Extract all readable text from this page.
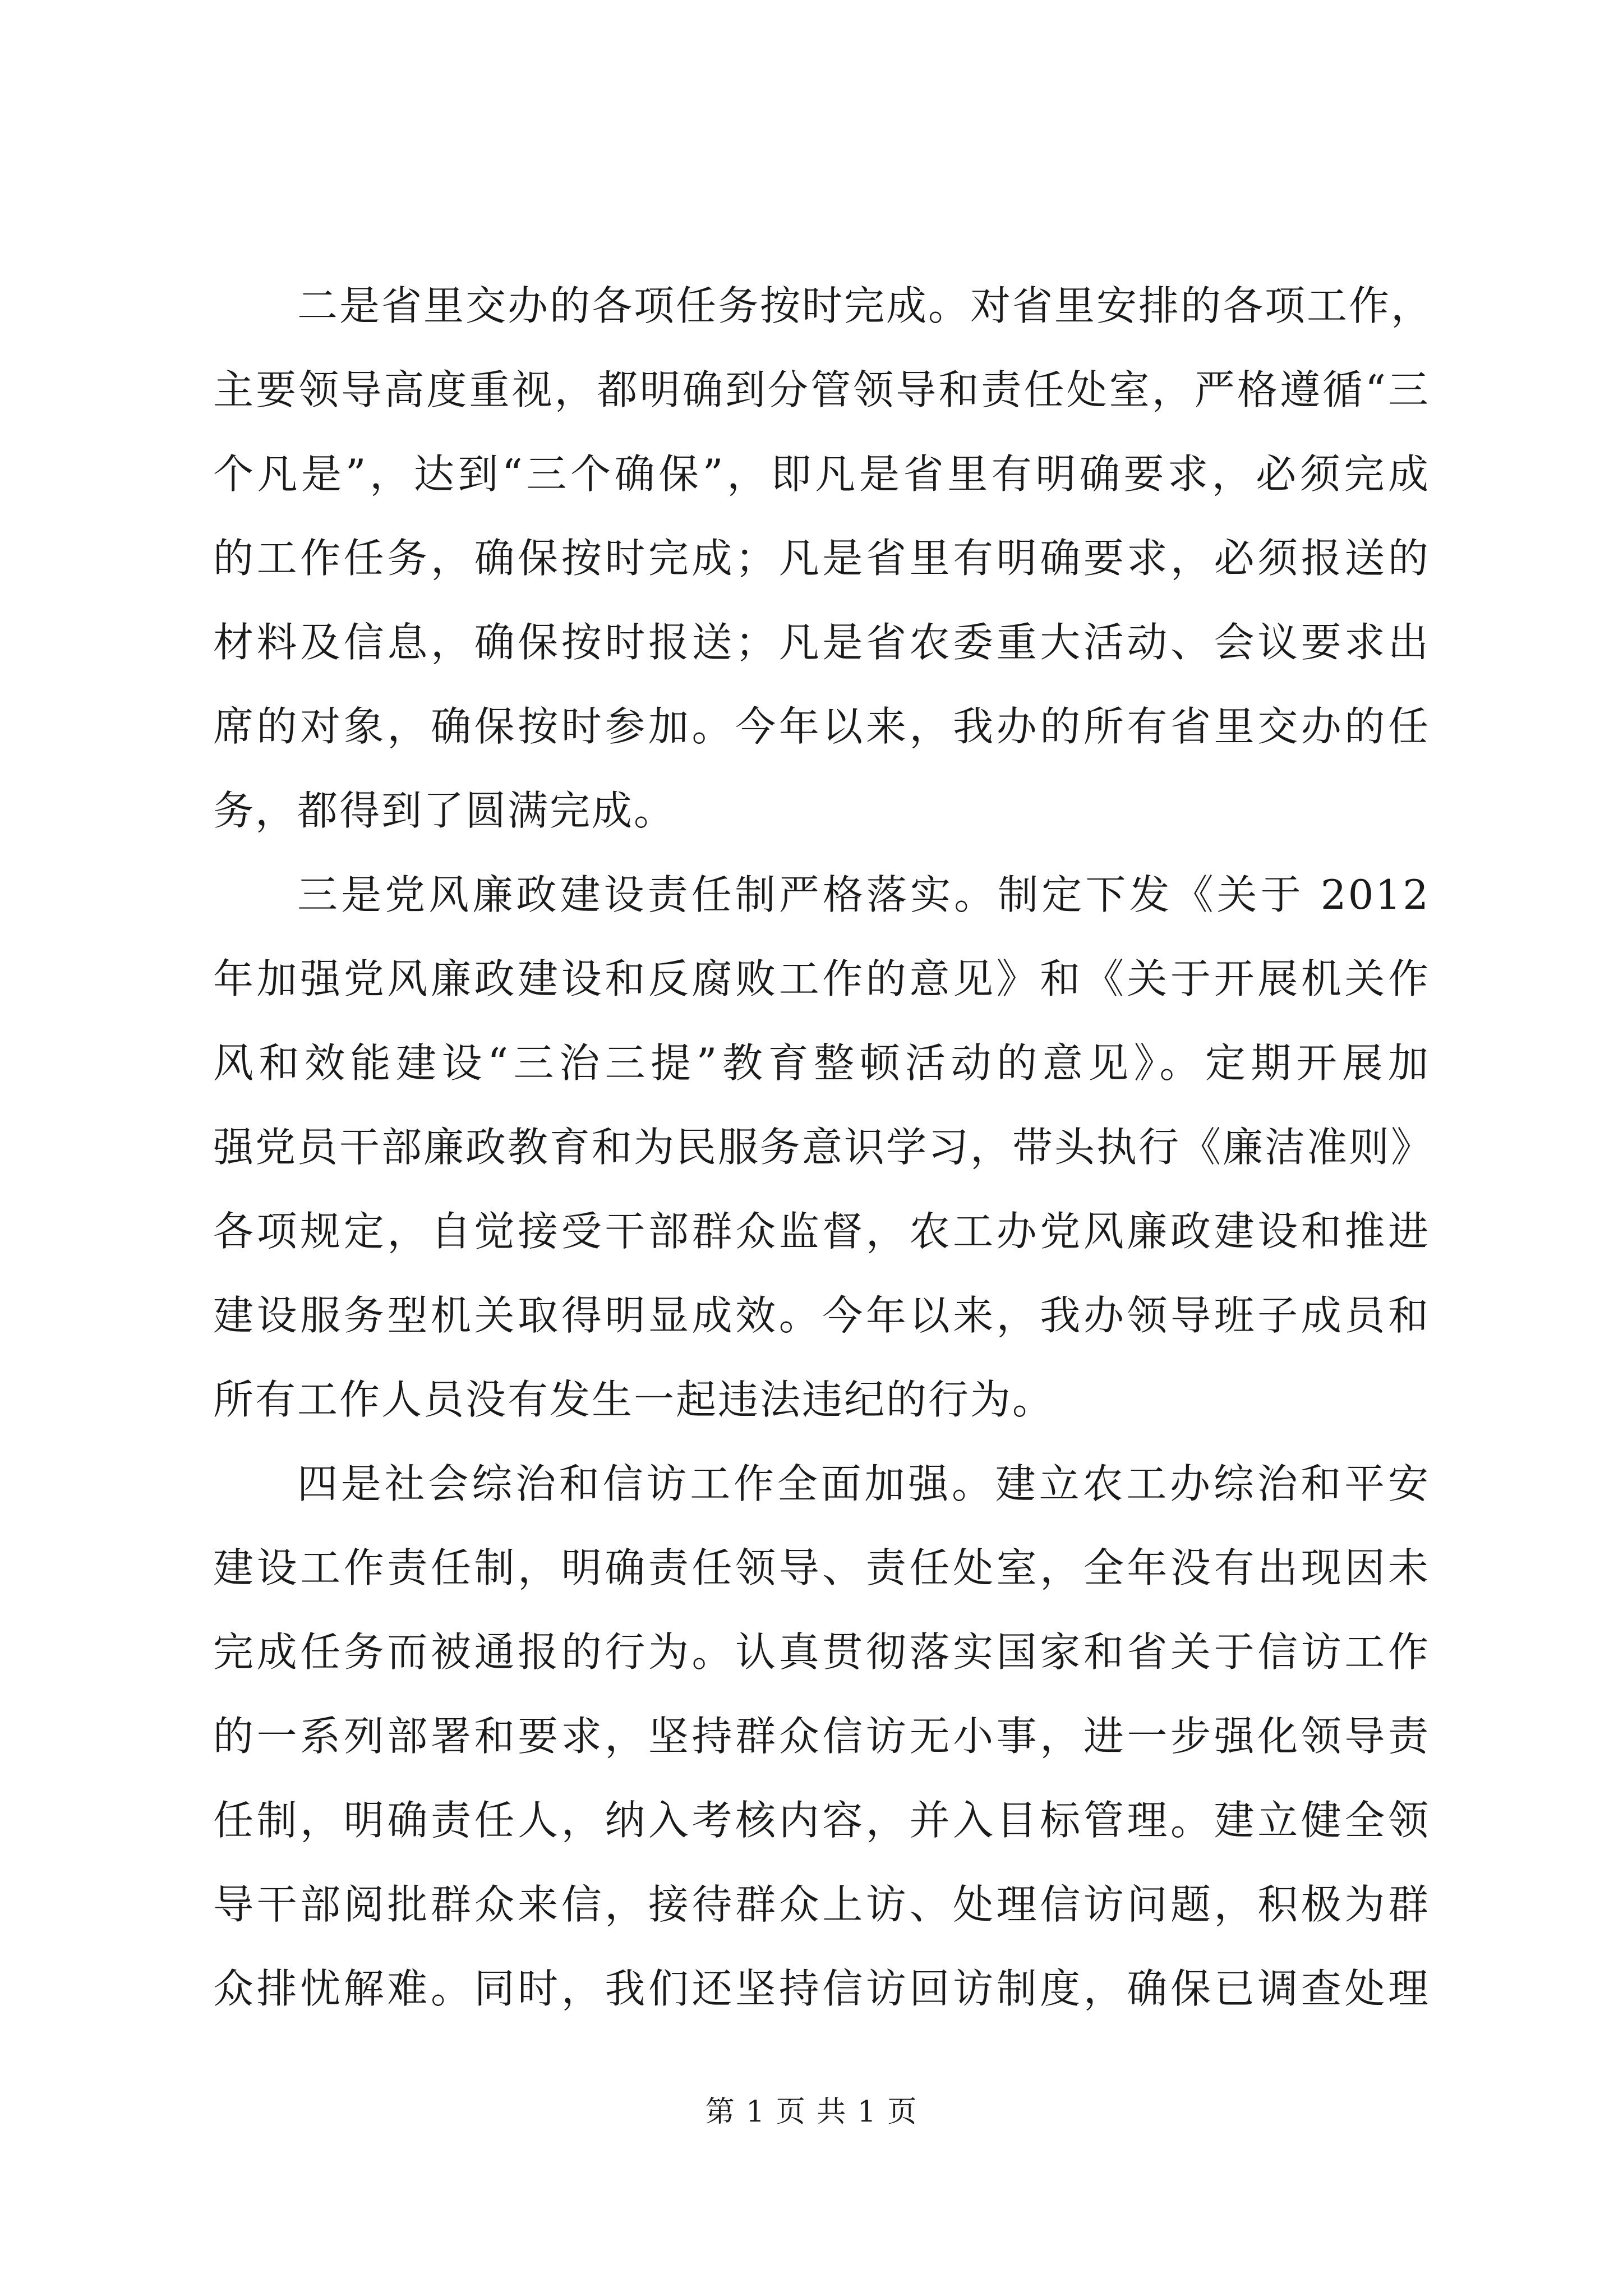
二是省里交办的各项任务按时完成。对省里安排的各项工作，
主要领导高度重视，都明确到分管领导和责任处室，严格遵循“三
个凡是”，达到“三个确保”，即凡是省里有明确要求，必须完成
的工作任务，确保按时完成；凡是省里有明确要求，必须报送的
材料及信息，确保按时报送；凡是省农委重大活动、会议要求出
席的对象，确保按时参加。今年以来，我办的所有省里交办的任
务，都得到了圆满完成。
三是党风廉政建设责任制严格落实。制定下发《关于 2012
年加强党风廉政建设和反腐败工作的意见》和《关于开展机关作
风和效能建设“三治三提”教育整顿活动的意见》。定期开展加
强党员干部廉政教育和为民服务意识学习，带头执行《廉洁准则》
各项规定，自觉接受干部群众监督，农工办党风廉政建设和推进
建设服务型机关取得明显成效。今年以来，我办领导班子成员和
所有工作人员没有发生一起违法违纪的行为。
四是社会综治和信访工作全面加强。建立农工办综治和平安
建设工作责任制，明确责任领导、责任处室，全年没有出现因未
完成任务而被通报的行为。认真贯彻落实国家和省关于信访工作
的一系列部署和要求，坚持群众信访无小事，进一步强化领导责
任制，明确责任人，纳入考核内容，并入目标管理。建立健全领
导干部阅批群众来信，接待群众上访、处理信访问题，积极为群
众排忧解难。同时，我们还坚持信访回访制度，确保已调查处理
第 1 页 共 1 页
